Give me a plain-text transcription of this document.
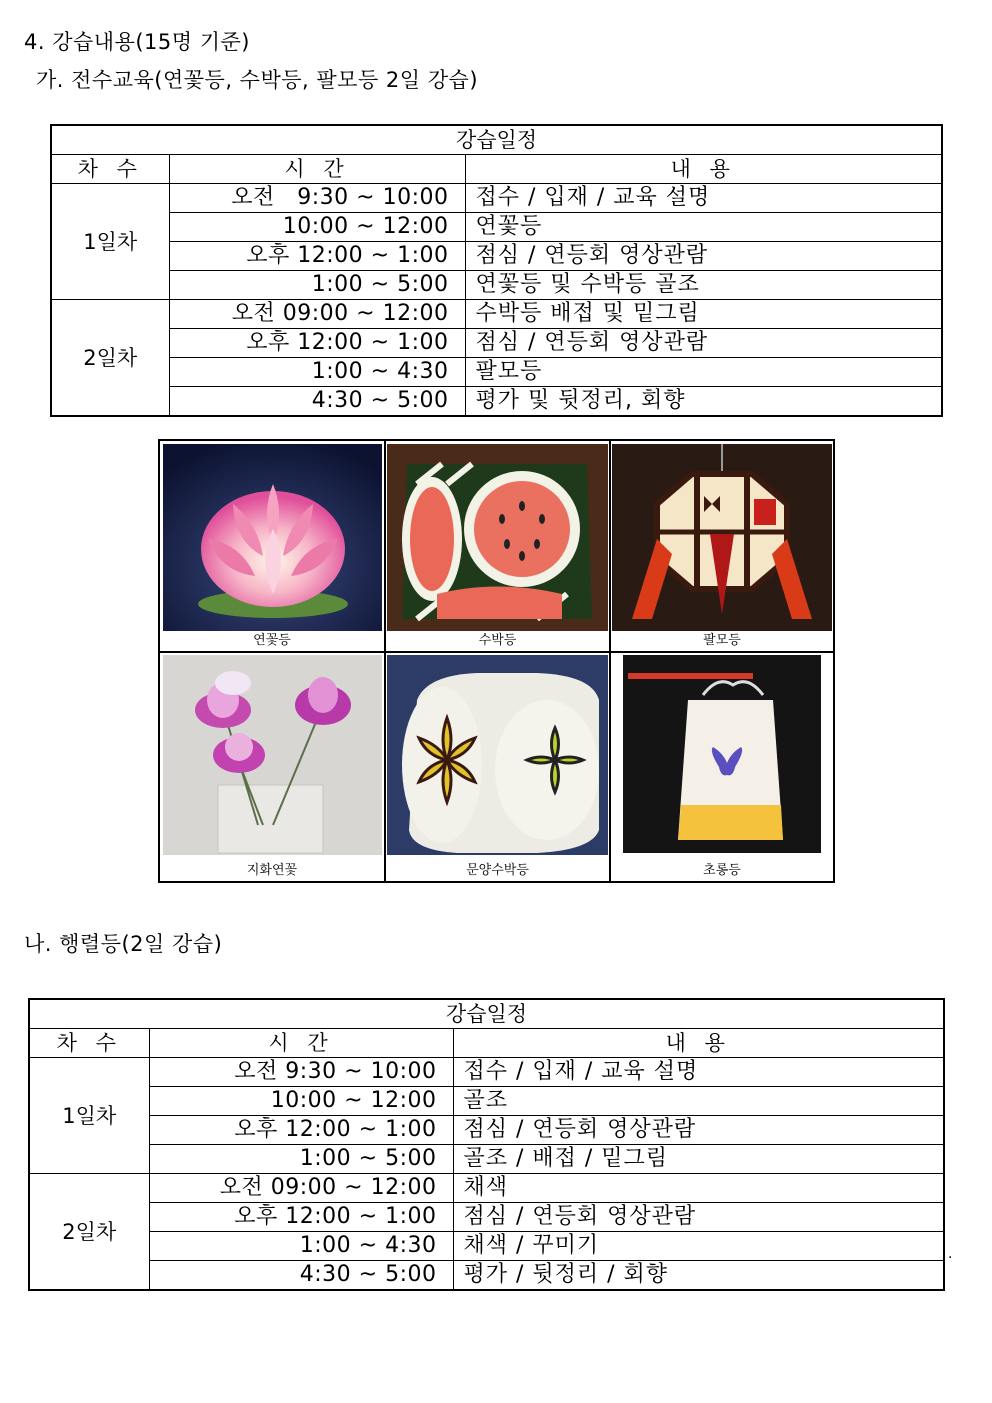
4. 강습내용(15명 기준)
가. 전수교육(연꽃등, 수박등, 팔모등 2일 강습)
강습일정		
차 수	시 간	내 용
1일차	오전   9:30 ~ 10:00	접수 / 입재 / 교육 설명
	10:00 ~ 12:00	연꽃등
	오후 12:00 ~ 1:00	점심 / 연등회 영상관람
	1:00 ~ 5:00	연꽃등 및 수박등 골조
2일차	오전 09:00 ~ 12:00	수박등 배접 및 밑그림
	오후 12:00 ~ 1:00	점심 / 연등회 영상관람
	1:00 ~ 4:30	팔모등
	4:30 ~ 5:00	평가 및 뒷정리, 회향
연꽃등	수박등	팔모등
지화연꽃	문양수박등	초롱등
나. 행렬등(2일 강습)
강습일정		
차 수	시 간	내 용
1일차	오전 9:30 ~ 10:00	접수 / 입재 / 교육 설명
	10:00 ~ 12:00	골조
	오후 12:00 ~ 1:00	점심 / 연등회 영상관람
	1:00 ~ 5:00	골조 / 배접 / 밑그림
2일차	오전 09:00 ~ 12:00	채색
	오후 12:00 ~ 1:00	점심 / 연등회 영상관람
	1:00 ~ 4:30	채색 / 꾸미기
	4:30 ~ 5:00	평가 / 뒷정리 / 회향
.
